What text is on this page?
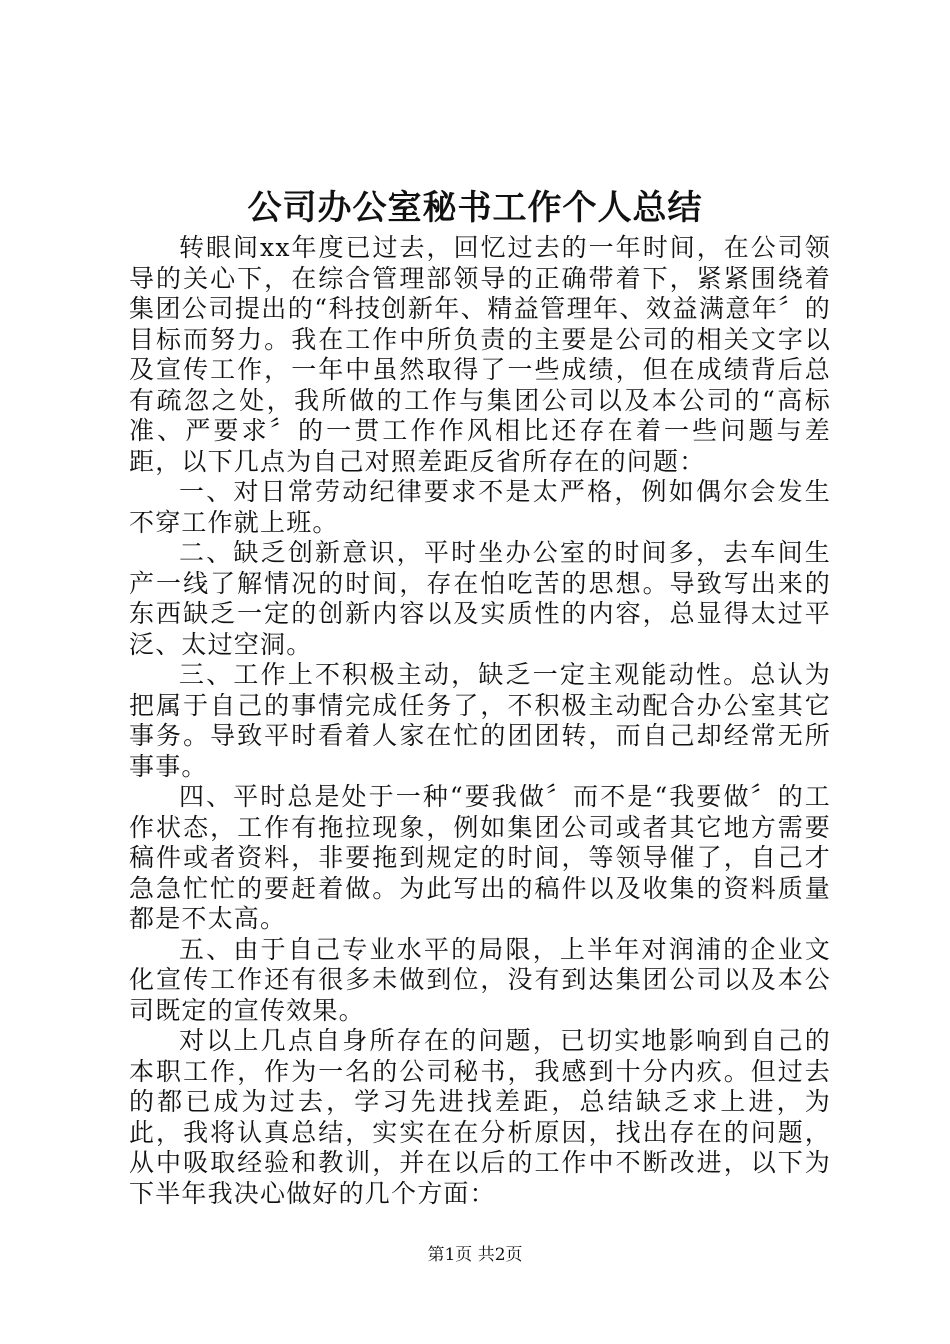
公司办公室秘书工作个人总结

转眼间xx年度已过去，回忆过去的一年时间，在公司领导的关心下，在综合管理部领导的正确带着下，紧紧围绕着集团公司提出的“科技创新年、精益管理年、效益满意年〞的目标而努力。我在工作中所负责的主要是公司的相关文字以及宣传工作，一年中虽然取得了一些成绩，但在成绩背后总有疏忽之处，我所做的工作与集团公司以及本公司的“高标准、严要求〞的一贯工作作风相比还存在着一些问题与差距，以下几点为自己对照差距反省所存在的问题：

一、对日常劳动纪律要求不是太严格，例如偶尔会发生不穿工作就上班。

二、缺乏创新意识，平时坐办公室的时间多，去车间生产一线了解情况的时间，存在怕吃苦的思想。导致写出来的东西缺乏一定的创新内容以及实质性的内容，总显得太过平泛、太过空洞。

三、工作上不积极主动，缺乏一定主观能动性。总认为把属于自己的事情完成任务了，不积极主动配合办公室其它事务。导致平时看着人家在忙的团团转，而自己却经常无所事事。

四、平时总是处于一种“要我做〞而不是“我要做〞的工作状态，工作有拖拉现象，例如集团公司或者其它地方需要稿件或者资料，非要拖到规定的时间，等领导催了，自己才急急忙忙的要赶着做。为此写出的稿件以及收集的资料质量都是不太高。

五、由于自己专业水平的局限，上半年对润浦的企业文化宣传工作还有很多未做到位，没有到达集团公司以及本公司既定的宣传效果。

对以上几点自身所存在的问题，已切实地影响到自己的本职工作，作为一名的公司秘书，我感到十分内疚。但过去的都已成为过去，学习先进找差距，总结缺乏求上进，为此，我将认真总结，实实在在分析原因，找出存在的问题，从中吸取经验和教训，并在以后的工作中不断改进，以下为下半年我决心做好的几个方面：

第1页 共2页
